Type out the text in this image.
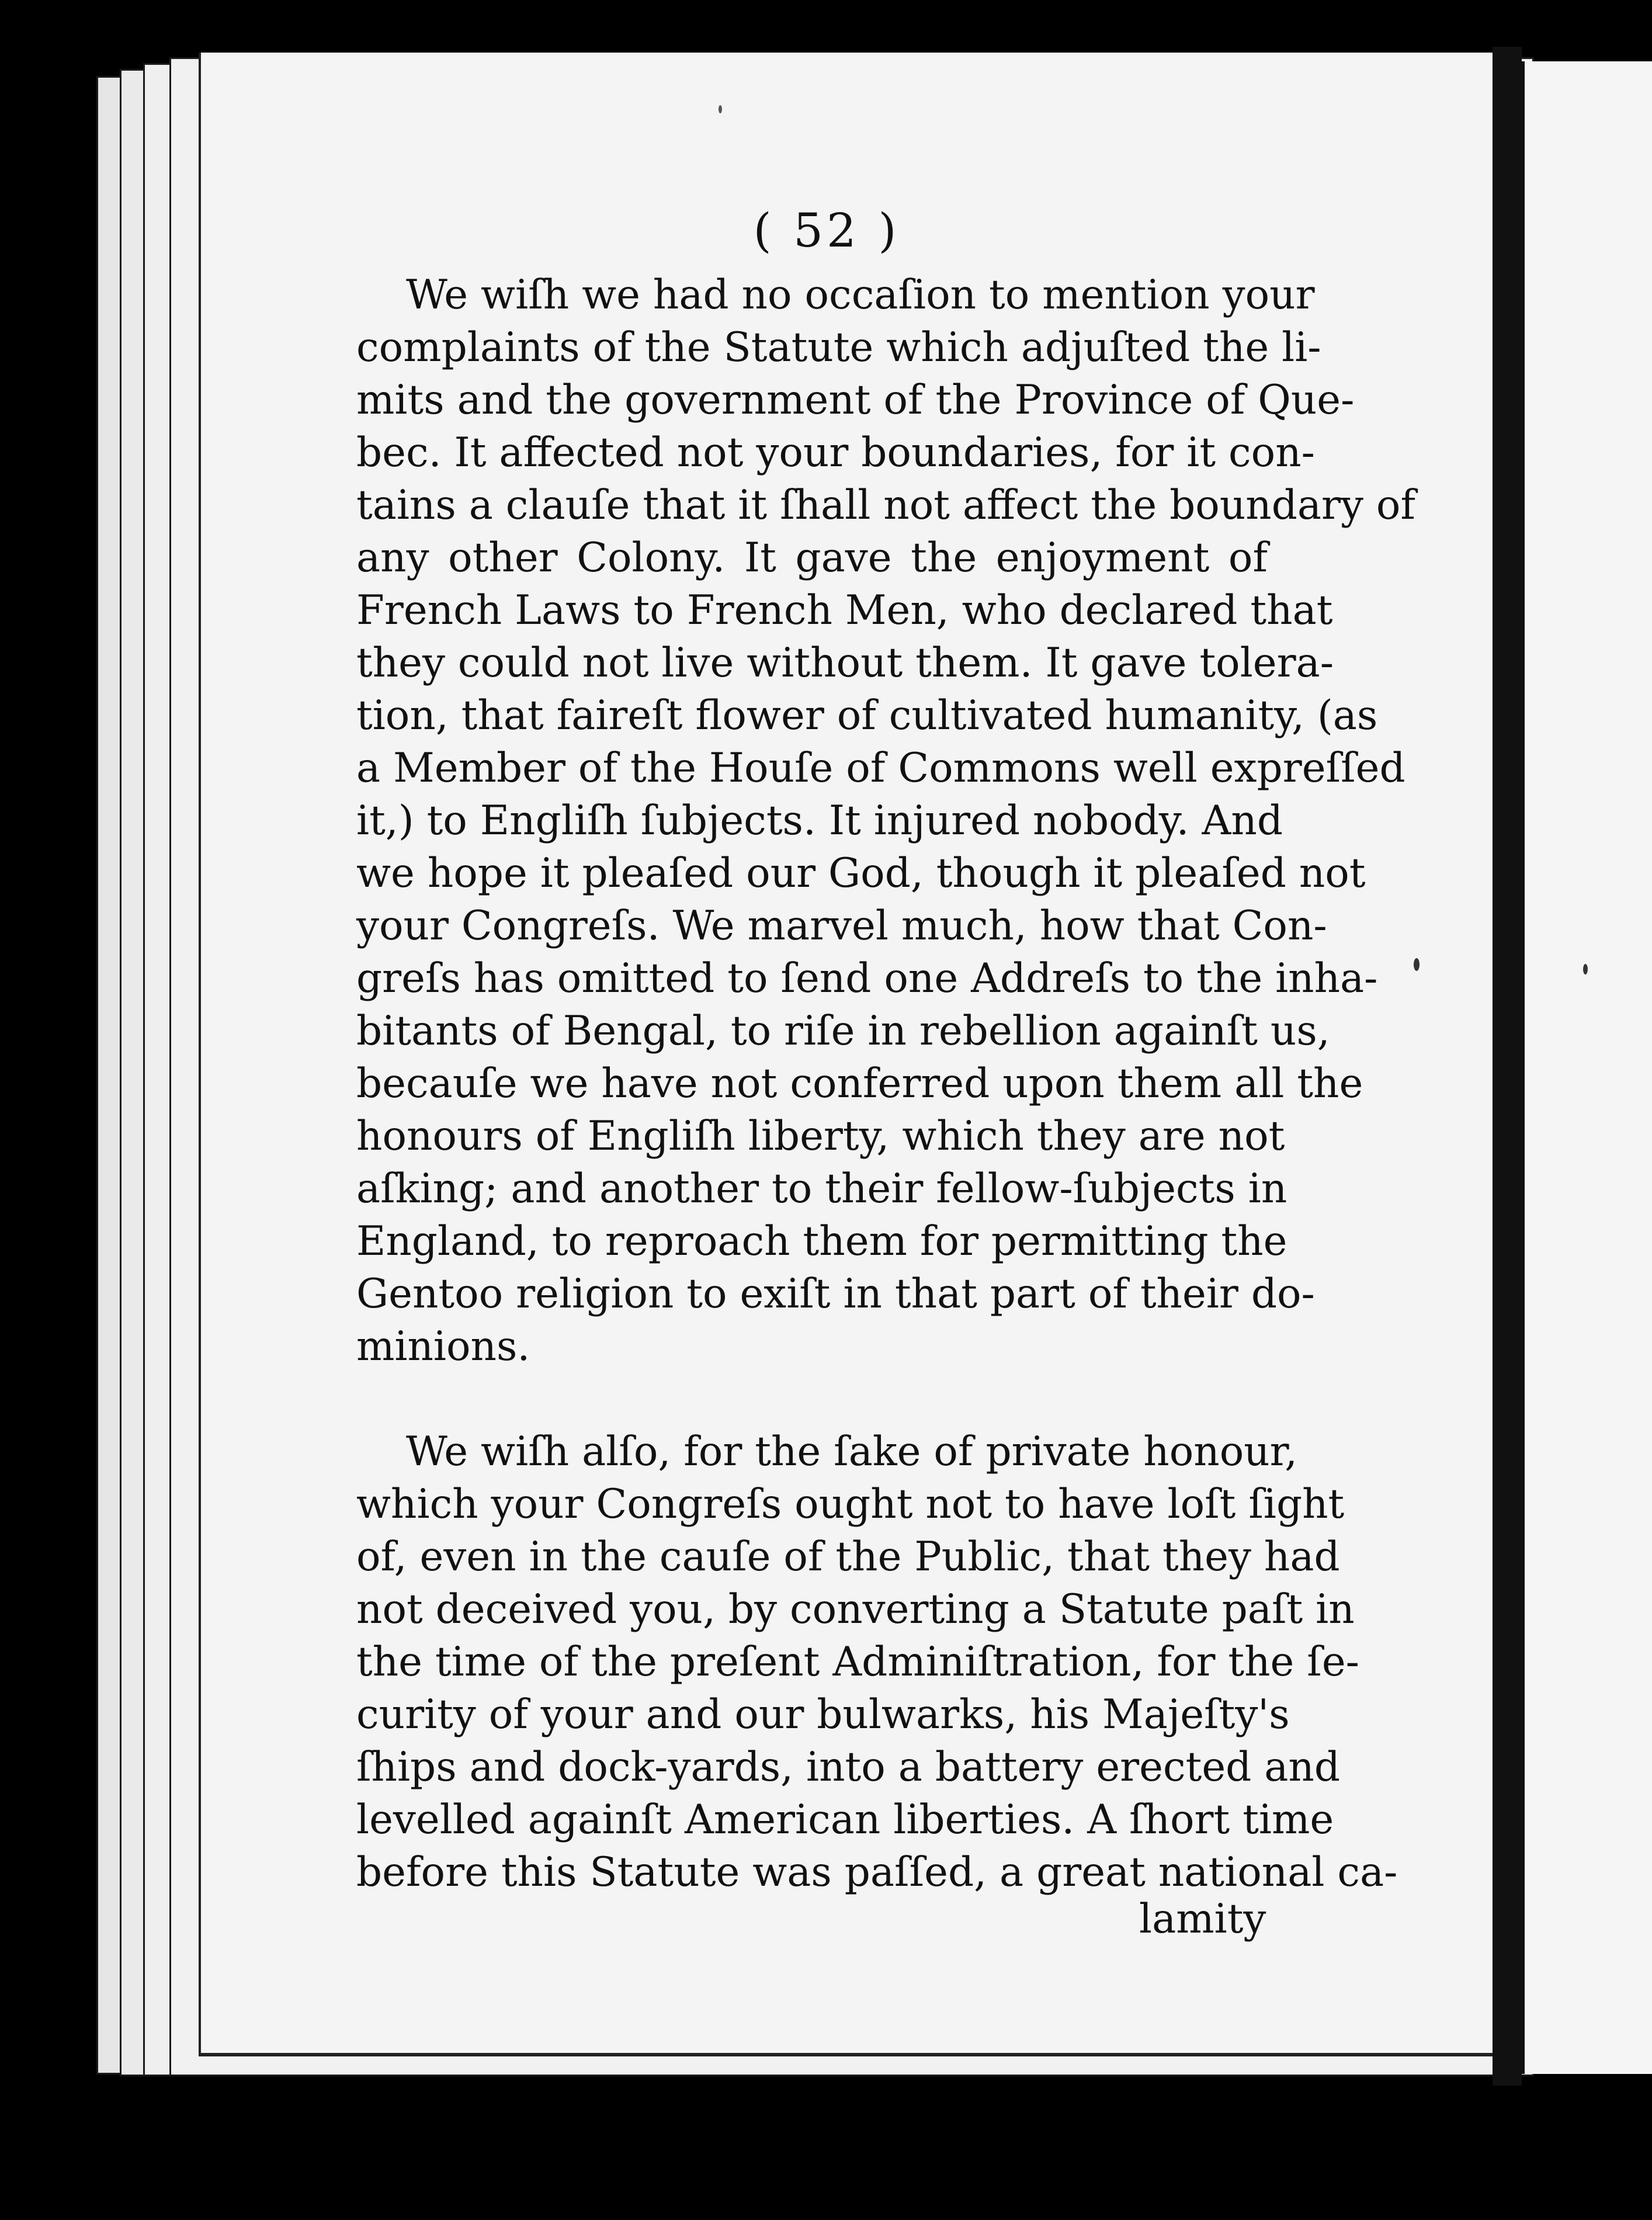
( 52 )
We wiſh we had no occaſion to mention your
complaints of the Statute which adjuſted the li-
mits and the government of the Province of Que-
bec. It affected not your boundaries, for it con-
tains a clauſe that it ſhall not affect the boundary of
any other Colony. It gave the enjoyment of
French Laws to French Men, who declared that
they could not live without them. It gave tolera-
tion, that faireſt flower of cultivated humanity, (as
a Member of the Houſe of Commons well expreſſed
it,) to Engliſh ſubjects. It injured nobody. And
we hope it pleaſed our God, though it pleaſed not
your Congreſs. We marvel much, how that Con-
greſs has omitted to ſend one Addreſs to the inha-
bitants of Bengal, to riſe in rebellion againſt us,
becauſe we have not conferred upon them all the
honours of Engliſh liberty, which they are not
aſking; and another to their fellow-ſubjects in
England, to reproach them for permitting the
Gentoo religion to exiſt in that part of their do-
minions.
We wiſh alſo, for the ſake of private honour,
which your Congreſs ought not to have loſt ſight
of, even in the cauſe of the Public, that they had
not deceived you, by converting a Statute paſt in
the time of the preſent Adminiſtration, for the ſe-
curity of your and our bulwarks, his Majeſty's
ſhips and dock-yards, into a battery erected and
levelled againſt American liberties. A ſhort time
before this Statute was paſſed, a great national ca-
lamity
